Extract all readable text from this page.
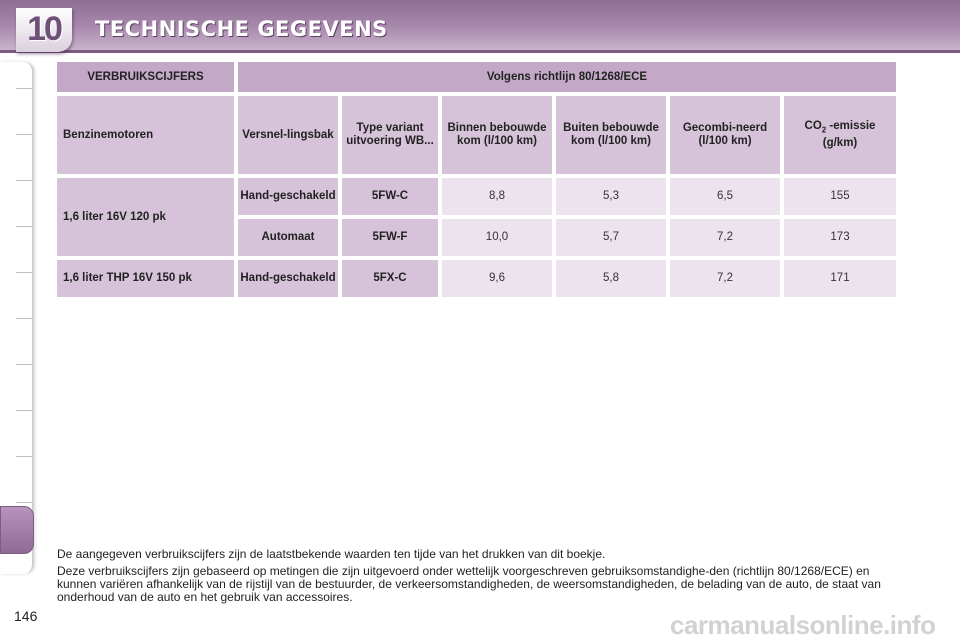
10 TECHNISCHE GEGEVENS
VERBRUIKSCIJFERS	Volgens richtlijn 80/1268/ECE					
Benzinemotoren	Versnel-lingsbak	Type variant uitvoering WB...	Binnen bebouwde kom (l/100 km)	Buiten bebouwde kom (l/100 km)	Gecombi-neerd (l/100 km)	$CO_2$ -emissie (g/km)
1,6 liter 16V 120 pk	Hand-geschakeld	5FW-C	8,8	5,3	6,5	155
	Automaat	5FW-F	10,0	5,7	7,2	173
1,6 liter THP 16V 150 pk	Hand-geschakeld	5FX-C	9,6	5,8	7,2	171

De aangegeven verbruikscijfers zijn de laatstbekende waarden ten tijde van het drukken van dit boekje.

Deze verbruikscijfers zijn gebaseerd op metingen die zijn uitgevoerd onder wettelijk voorgeschreven gebruiksomstandighe-den (richtlijn 80/1268/ECE) en kunnen variëren afhankelijk van de rijstijl van de bestuurder, de verkeersomstandigheden, de weersomstandigheden, de belading van de auto, de staat van onderhoud van de auto en het gebruik van accessoires.

146	carmanualsonline.info
